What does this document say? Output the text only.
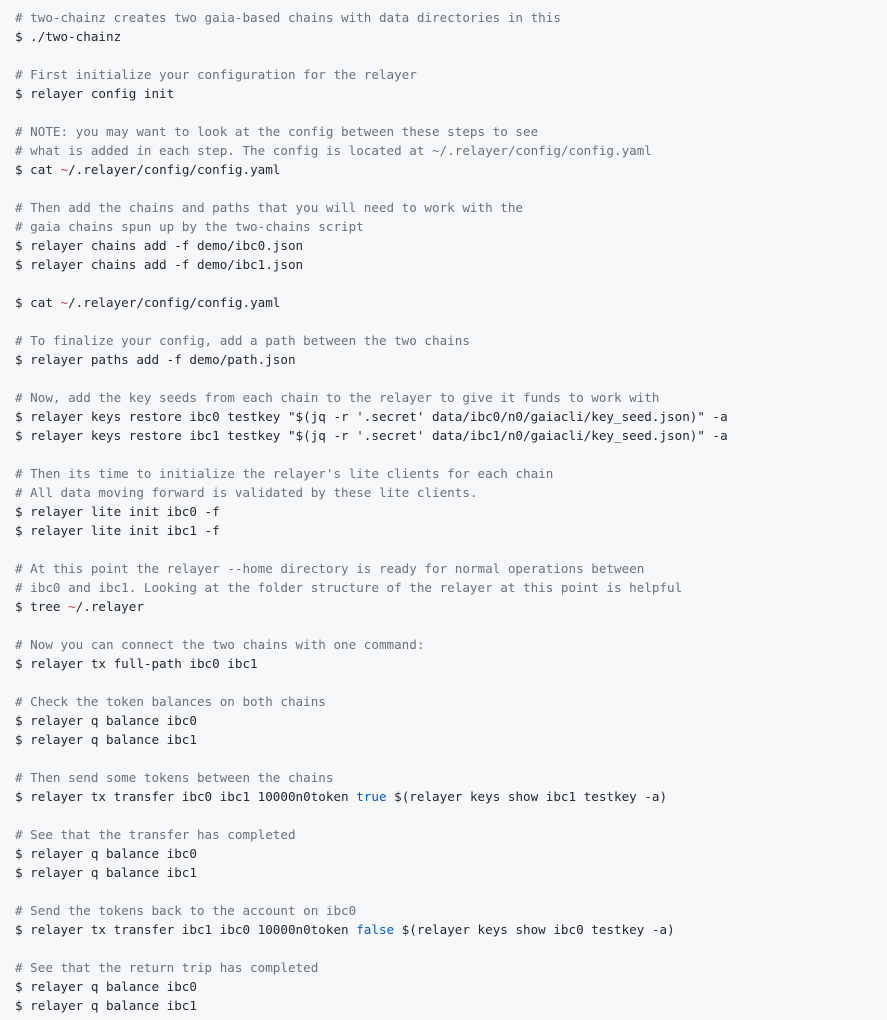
# two-chainz creates two gaia-based chains with data directories in this
$ ./two-chainz
# First initialize your configuration for the relayer
$ relayer config init
# NOTE: you may want to look at the config between these steps to see
# what is added in each step. The config is located at ~/.relayer/config/config.yaml
$ cat ~/.relayer/config/config.yaml
# Then add the chains and paths that you will need to work with the
# gaia chains spun up by the two-chains script
$ relayer chains add -f demo/ibc0.json
$ relayer chains add -f demo/ibc1.json
$ cat ~/.relayer/config/config.yaml
# To finalize your config, add a path between the two chains
$ relayer paths add -f demo/path.json
# Now, add the key seeds from each chain to the relayer to give it funds to work with
$ relayer keys restore ibc0 testkey "$(jq -r '.secret' data/ibc0/n0/gaiacli/key_seed.json)" -a
$ relayer keys restore ibc1 testkey "$(jq -r '.secret' data/ibc1/n0/gaiacli/key_seed.json)" -a
# Then its time to initialize the relayer's lite clients for each chain
# All data moving forward is validated by these lite clients.
$ relayer lite init ibc0 -f
$ relayer lite init ibc1 -f
# At this point the relayer --home directory is ready for normal operations between
# ibc0 and ibc1. Looking at the folder structure of the relayer at this point is helpful
$ tree ~/.relayer
# Now you can connect the two chains with one command:
$ relayer tx full-path ibc0 ibc1
# Check the token balances on both chains
$ relayer q balance ibc0
$ relayer q balance ibc1
# Then send some tokens between the chains
$ relayer tx transfer ibc0 ibc1 10000n0token true $(relayer keys show ibc1 testkey -a)
# See that the transfer has completed
$ relayer q balance ibc0
$ relayer q balance ibc1
# Send the tokens back to the account on ibc0
$ relayer tx transfer ibc1 ibc0 10000n0token false $(relayer keys show ibc0 testkey -a)
# See that the return trip has completed
$ relayer q balance ibc0
$ relayer q balance ibc1
